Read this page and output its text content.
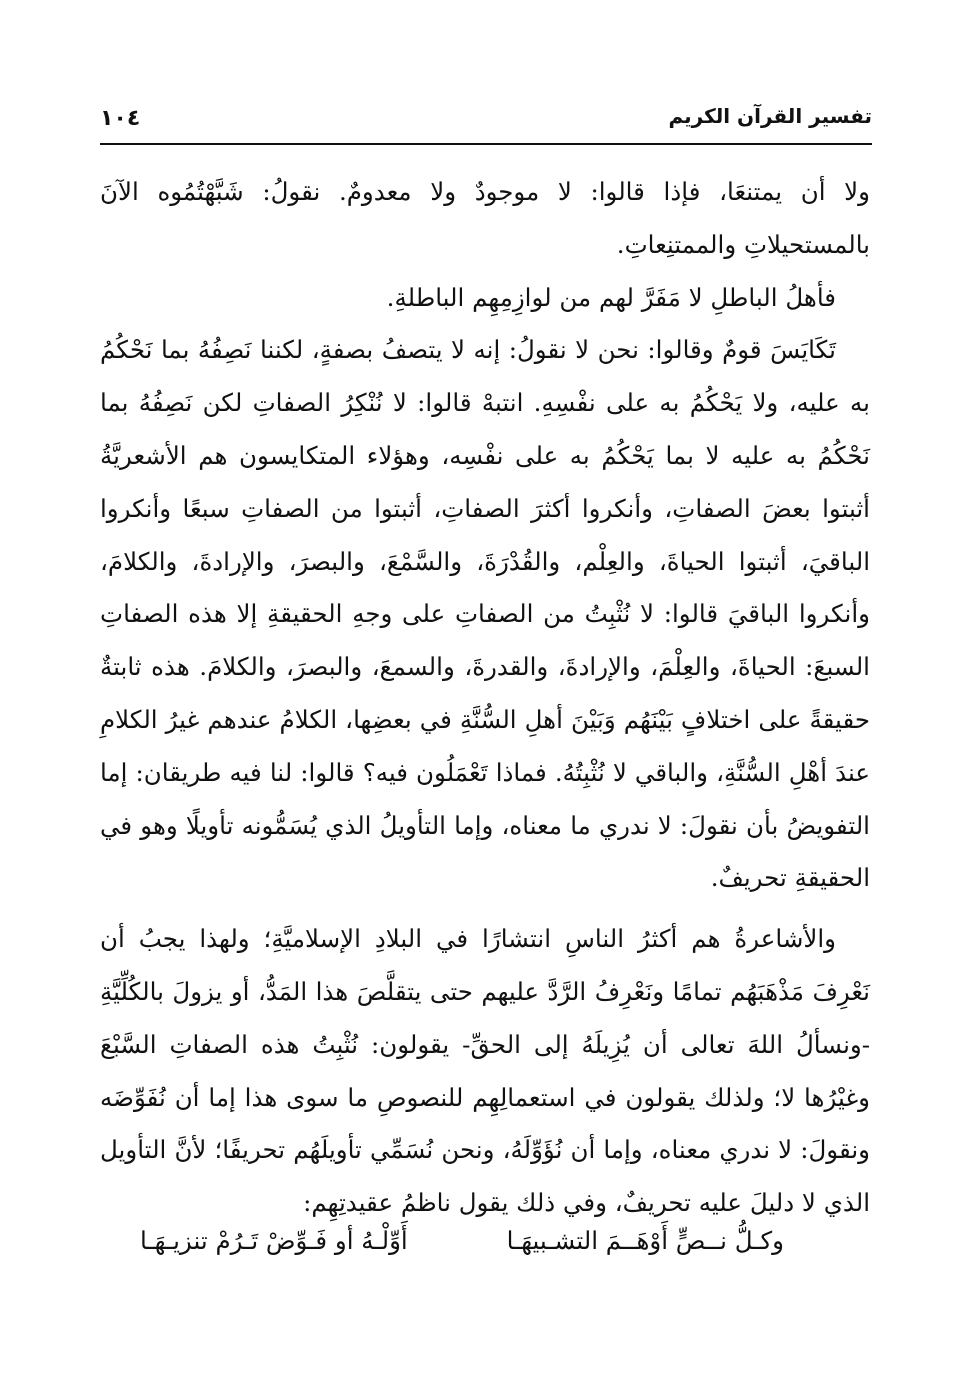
تفسير القرآن الكريم
١٠٤

ولا أن يمتنعَا، فإذا قالوا: لا موجودٌ ولا معدومٌ. نقولُ: شَبَّهْتُمُوه الآنَ بالمستحيلاتِ والممتنِعاتِ.

فأهلُ الباطلِ لا مَفَرَّ لهم من لوازِمِهِم الباطلةِ.

تَكَايَسَ قومٌ وقالوا: نحن لا نقولُ: إنه لا يتصفُ بصفةٍ، لكننا نَصِفُهُ بما نَحْكُمُ به عليه، ولا يَحْكُمُ به على نفْسِهِ. انتبهْ قالوا: لا نُنْكِرُ الصفاتِ لكن نَصِفُهُ بما نَحْكُمُ به عليه لا بما يَحْكُمُ به على نفْسِه، وهؤلاء المتكايسون هم الأشعريَّةُ أثبتوا بعضَ الصفاتِ، وأنكروا أكثرَ الصفاتِ، أثبتوا من الصفاتِ سبعًا وأنكروا الباقيَ، أثبتوا الحياةَ، والعِلْم، والقُدْرَةَ، والسَّمْعَ، والبصرَ، والإرادةَ، والكلامَ، وأنكروا الباقيَ قالوا: لا نُثْبِتُ من الصفاتِ على وجهِ الحقيقةِ إلا هذه الصفاتِ السبعَ: الحياةَ، والعِلْمَ، والإرادةَ، والقدرةَ، والسمعَ، والبصرَ، والكلامَ. هذه ثابتةٌ حقيقةً على اختلافٍ بَيْنَهُم وَبَيْنَ أهلِ السُّنَّةِ في بعضِها، الكلامُ عندهم غيرُ الكلامِ عندَ أهْلِ السُّنَّةِ، والباقي لا نُثْبِتُهُ. فماذا تَعْمَلُون فيه؟ قالوا: لنا فيه طريقان: إما التفويضُ بأن نقولَ: لا ندري ما معناه، وإما التأويلُ الذي يُسَمُّونه تأويلًا وهو في الحقيقةِ تحريفٌ.

والأشاعرةُ هم أكثرُ الناسِ انتشارًا في البلادِ الإسلاميَّةِ؛ ولهذا يجبُ أن نَعْرِفَ مَذْهَبَهُم تمامًا ونَعْرِفُ الرَّدَّ عليهم حتى يتقلَّصَ هذا المَدُّ، أو يزولَ بالكُلِّيَّةِ -ونسألُ اللهَ تعالى أن يُزِيلَهُ إلى الحقِّ- يقولون: نُثْبِتُ هذه الصفاتِ السَّبْعَ وغيْرُها لا؛ ولذلك يقولون في استعمالِهِم للنصوصِ ما سوى هذا إما أن نُفَوِّضَه ونقولَ: لا ندري معناه، وإما أن نُؤَوِّلَهُ، ونحن نُسَمِّي تأويلَهُم تحريفًا؛ لأنَّ التأويل الذي لا دليلَ عليه تحريفٌ، وفي ذلك يقول ناظمُ عقيدتِهِم:

وكـلُّ نــصٍّ أَوْهَــمَ التشـبيهَـا
أَوِّلْـهُ أو فَـوِّضْ تَـرُمْ تنزيـهَـا
